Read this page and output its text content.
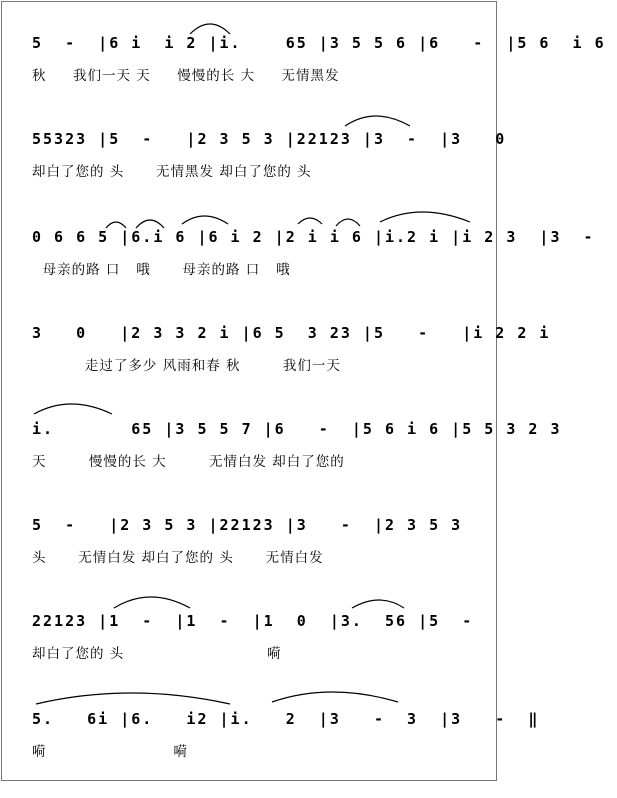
5  -  |6 i  i 2 |i.    65 |3 5 5 6 |6   -  |5 6  i 6
秋     我们一天 天     慢慢的长 大     无情黑发
55323 |5  -   |2 3 5 3 |22123 |3  -  |3   0
却白了您的 头      无情黑发 却白了您的 头
0 6 6 5 |6.i 6 |6 i 2 |2 i i 6 |i.2 i |i 2 3  |3  -
母亲的路 口   哦      母亲的路 口   哦
3   0   |2 3 3 2 i |6 5  3 23 |5   -   |i 2 2 i
走过了多少 风雨和春 秋        我们一天
i.       65 |3 5 5 7 |6   -  |5 6 i 6 |5 5 3 2 3
天        慢慢的长 大        无情白发 却白了您的
5  -   |2 3 5 3 |22123 |3   -  |2 3 5 3
头      无情白发 却白了您的 头      无情白发
22123 |1  -  |1  -  |1  0  |3.  56 |5  -
却白了您的 头                           嗬
5.   6i |6.   i2 |i.   2  |3   -  3  |3   -  ‖
嗬                        嗬
